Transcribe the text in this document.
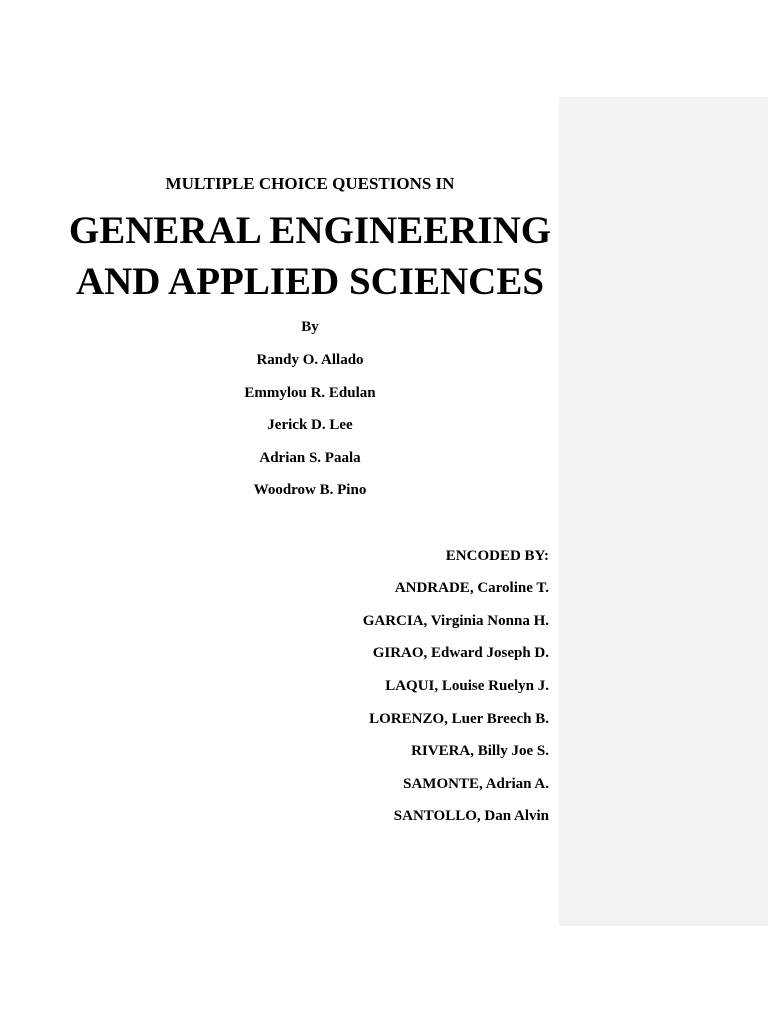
MULTIPLE CHOICE QUESTIONS IN
GENERAL ENGINEERING
AND APPLIED SCIENCES
By
Randy O. Allado
Emmylou R. Edulan
Jerick D. Lee
Adrian S. Paala
Woodrow B. Pino
ENCODED BY:
ANDRADE, Caroline T.
GARCIA, Virginia Nonna H.
GIRAO, Edward Joseph D.
LAQUI, Louise Ruelyn J.
LORENZO, Luer Breech B.
RIVERA, Billy Joe S.
SAMONTE, Adrian A.
SANTOLLO, Dan Alvin
